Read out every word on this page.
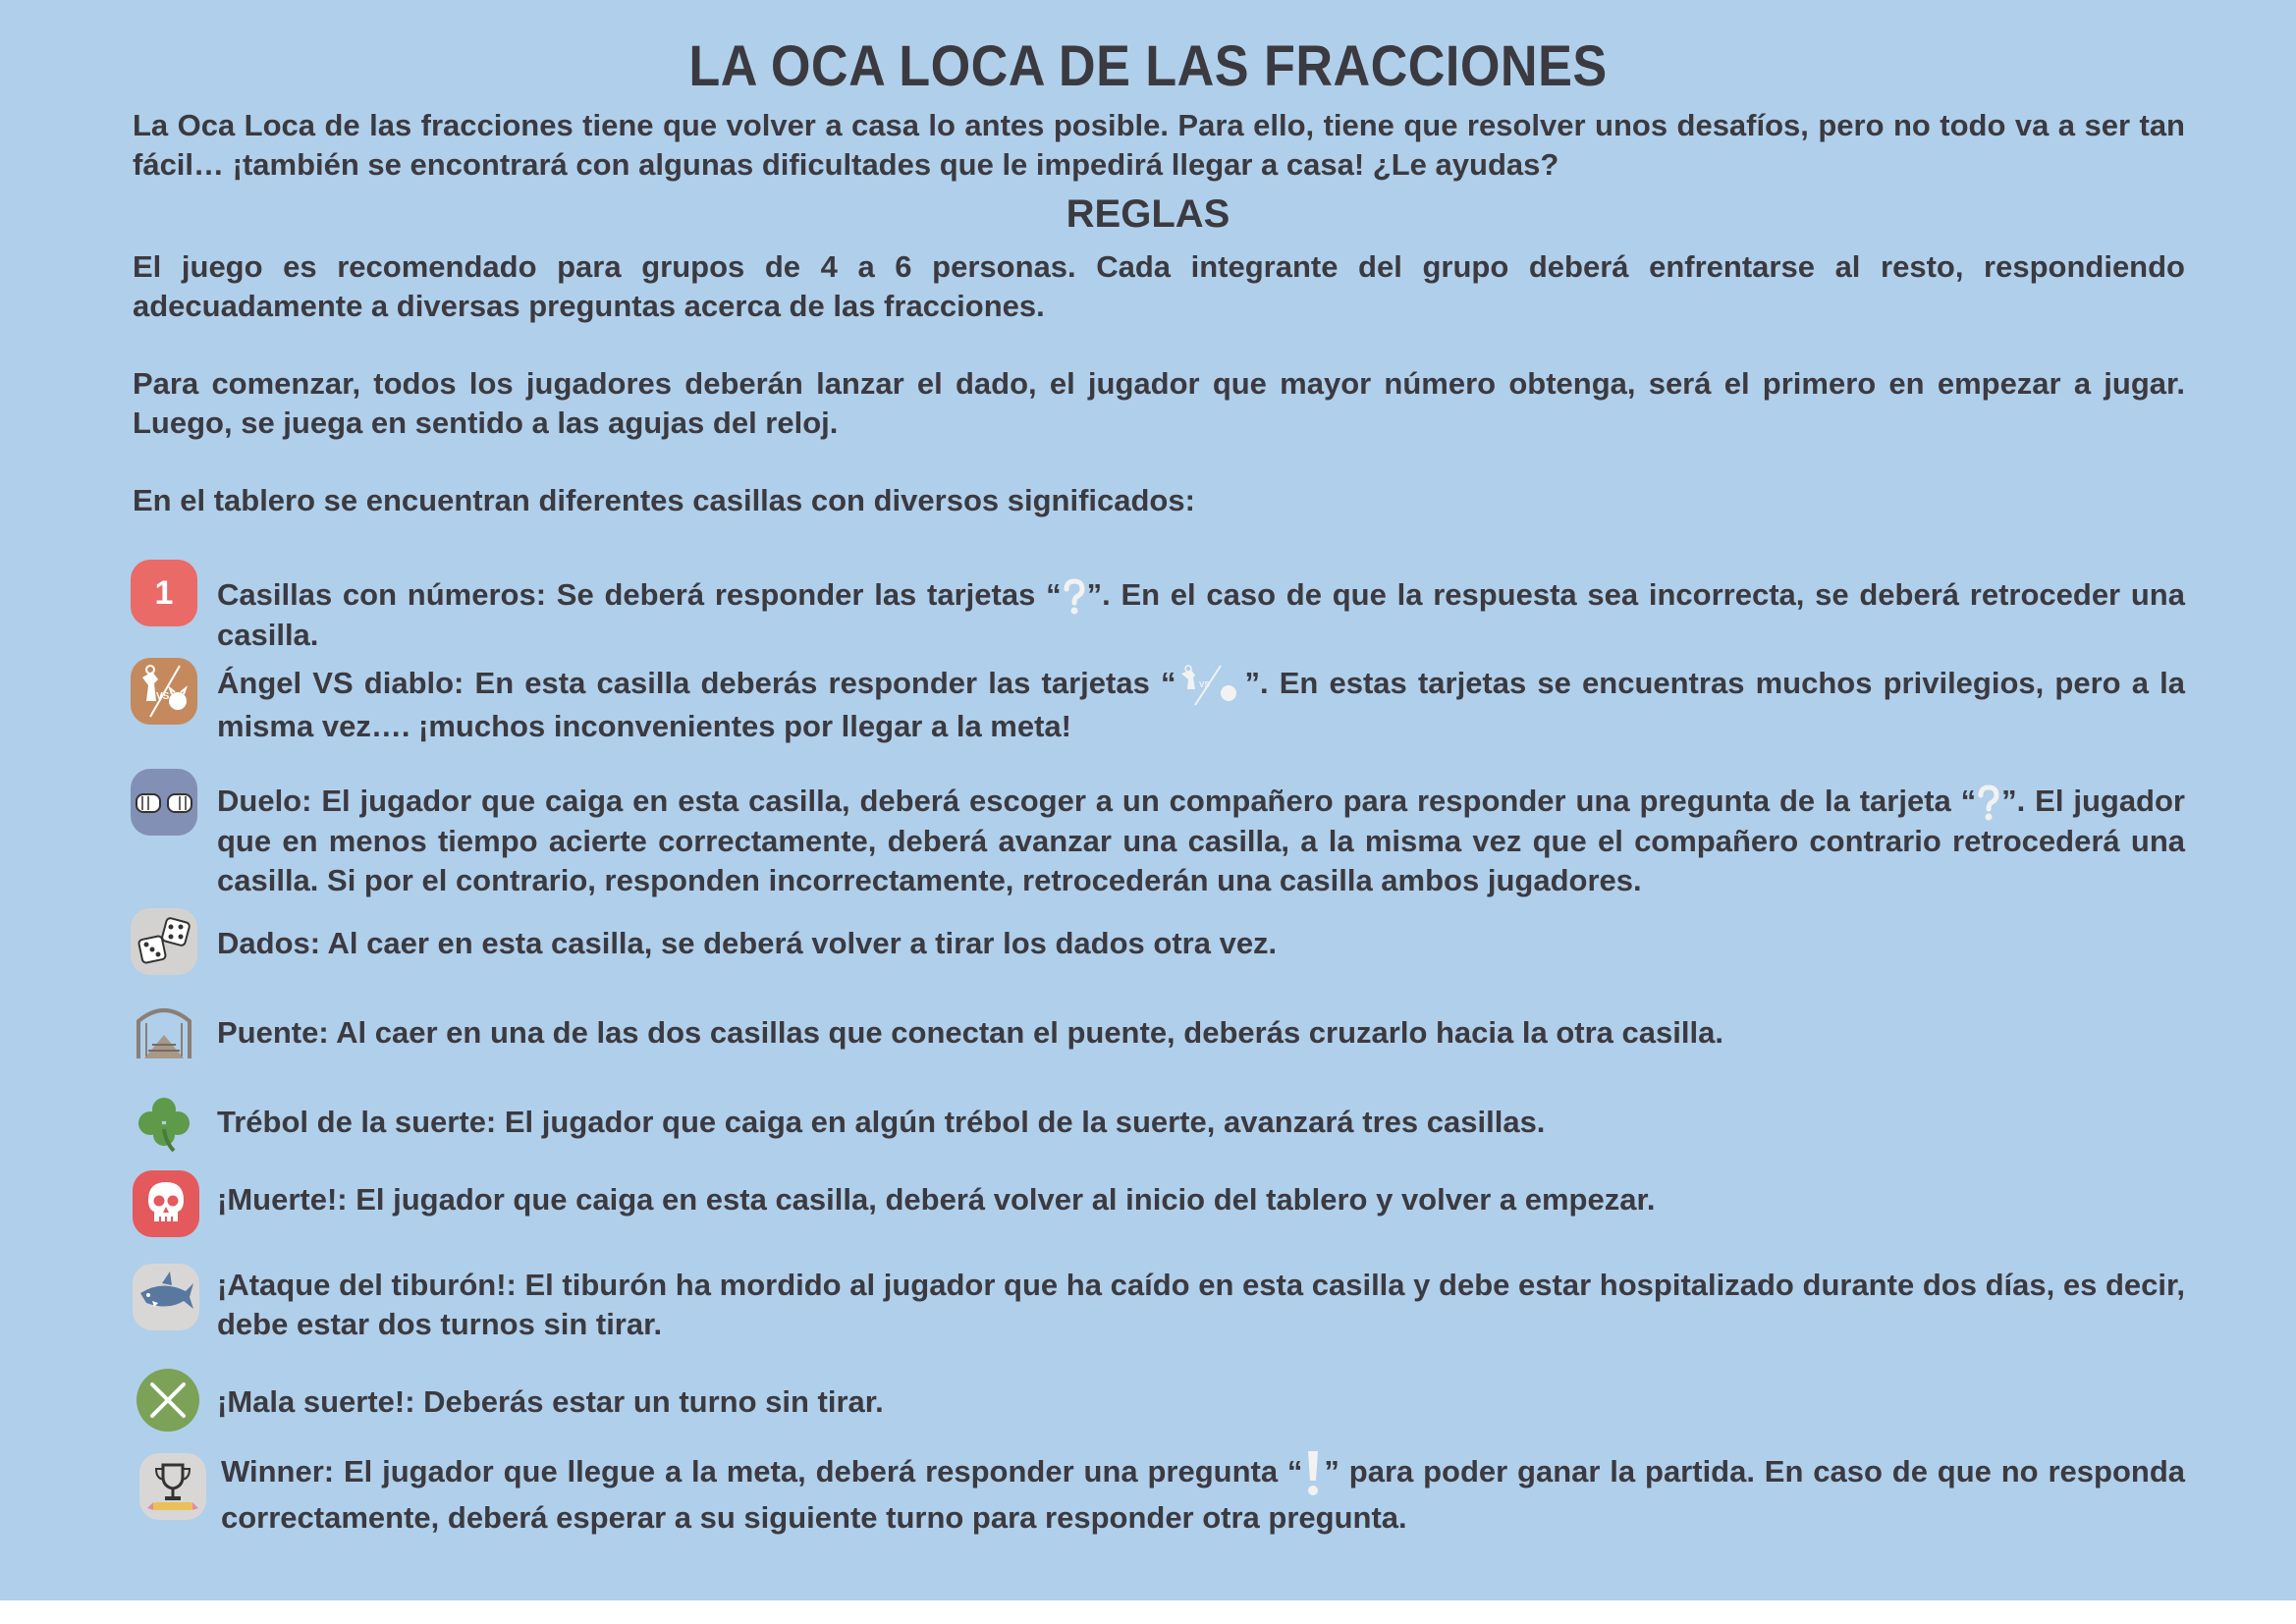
LA OCA LOCA DE LAS FRACCIONES
La Oca Loca de las fracciones tiene que volver a casa lo antes posible. Para ello, tiene que resolver unos desafíos, pero no todo va a ser tan fácil… ¡también se encontrará con algunas dificultades que le impedirá llegar a casa! ¿Le ayudas?
REGLAS
El juego es recomendado para grupos de 4 a 6 personas. Cada integrante del grupo deberá enfrentarse al resto, respondiendo adecuadamente a diversas preguntas acerca de las fracciones.
Para comenzar, todos los jugadores deberán lanzar el dado, el jugador que mayor número obtenga, será el primero en empezar a jugar. Luego, se juega en sentido a las agujas del reloj.
En el tablero se encuentran diferentes casillas con diversos significados:
1 Casillas con números: Se deberá responder las tarjetas “ ”. En el caso de que la respuesta sea incorrecta, se deberá retroceder una casilla.
VS Ángel VS diablo: En esta casilla deberás responder las tarjetas “	VS ”. En estas tarjetas se encuentras muchos privilegios, pero a la misma vez…. ¡muchos inconvenientes por llegar a la meta!
Duelo: El jugador que caiga en esta casilla, deberá escoger a un compañero para responder una pregunta de la tarjeta “ ”. El jugador que en menos tiempo acierte correctamente, deberá avanzar una casilla, a la misma vez que el compañero contrario retrocederá una casilla. Si por el contrario, responden incorrectamente, retrocederán una casilla ambos jugadores.
Dados: Al caer en esta casilla, se deberá volver a tirar los dados otra vez.
Puente: Al caer en una de las dos casillas que conectan el puente, deberás cruzarlo hacia la otra casilla.
Trébol de la suerte: El jugador que caiga en algún trébol de la suerte, avanzará tres casillas.
¡Muerte!: El jugador que caiga en esta casilla, deberá volver al inicio del tablero y volver a empezar.
¡Ataque del tiburón!: El tiburón ha mordido al jugador que ha caído en esta casilla y debe estar hospitalizado durante dos días, es decir, debe estar dos turnos sin tirar.
¡Mala suerte!: Deberás estar un turno sin tirar.
Winner: El jugador que llegue a la meta, deberá responder una pregunta “ ” para poder ganar la partida. En caso de que no responda correctamente, deberá esperar a su siguiente turno para responder otra pregunta.
